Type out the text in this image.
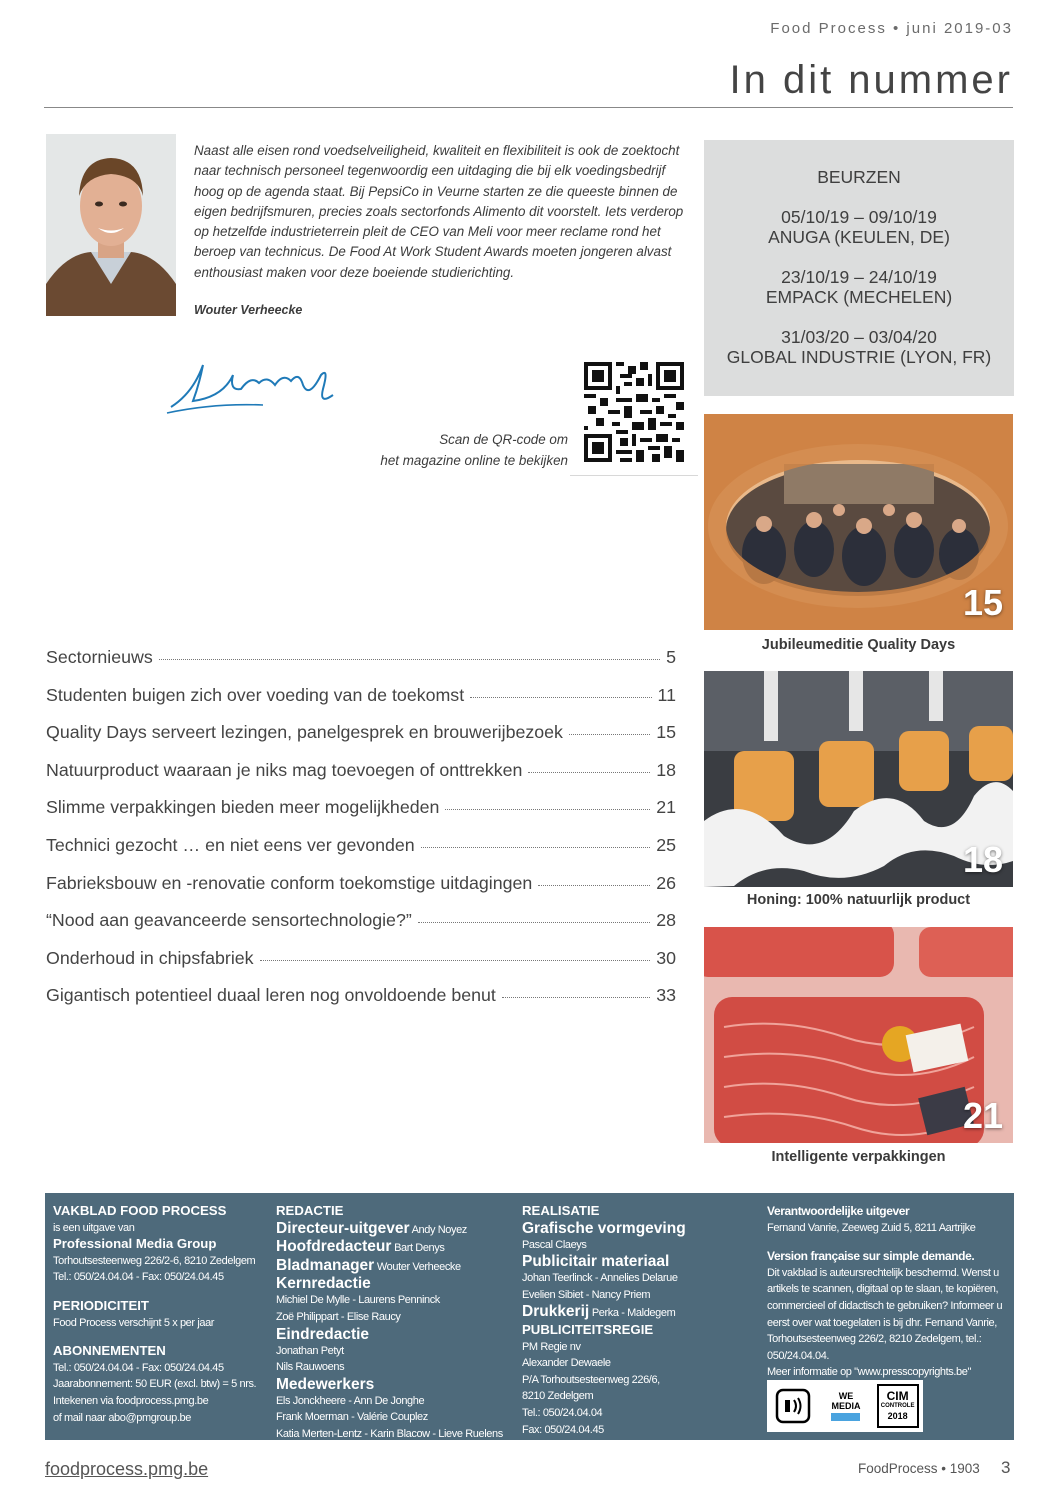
Food Process • juni 2019-03
In dit nummer
Naast alle eisen rond voedselveiligheid, kwaliteit en flexibiliteit is ook de zoektocht naar technisch personeel tegenwoordig een uitdaging die bij elk voedingsbedrijf hoog op de agenda staat. Bij PepsiCo in Veurne starten ze die queeste binnen de eigen bedrijfsmuren, precies zoals sectorfonds Alimento dit voorstelt. Iets verderop op hetzelfde industrieterrein pleit de CEO van Meli voor meer reclame rond het beroep van technicus. De Food At Work Student Awards moeten jongeren alvast enthousiast maken voor deze boeiende studierichting.
Wouter Verheecke
Scan de QR-code om
het magazine online te bekijken
BEURZEN
05/10/19 – 09/10/19
ANUGA (KEULEN, DE)
23/10/19 – 24/10/19
EMPACK (MECHELEN)
31/03/20 – 03/04/20
GLOBAL INDUSTRIE (LYON, FR)
15
Jubileumeditie Quality Days
18
Honing: 100% natuurlijk product
21
Intelligente verpakkingen
Sectornieuws	5
Studenten buigen zich over voeding van de toekomst	11
Quality Days serveert lezingen, panelgesprek en brouwerijbezoek	15
Natuurproduct waaraan je niks mag toevoegen of onttrekken	18
Slimme verpakkingen bieden meer mogelijkheden	21
Technici gezocht … en niet eens ver gevonden	25
Fabrieksbouw en -renovatie conform toekomstige uitdagingen	26
“Nood aan geavanceerde sensortechnologie?”	28
Onderhoud in chipsfabriek	30
Gigantisch potentieel duaal leren nog onvoldoende benut	33
VAKBLAD FOOD PROCESS
is een uitgave van
Professional Media Group
Torhoutsesteenweg 226/2-6, 8210 Zedelgem
Tel.: 050/24.04.04 - Fax: 050/24.04.45
PERIODICITEIT
Food Process verschijnt 5 x per jaar
ABONNEMENTEN
Tel.: 050/24.04.04 - Fax: 050/24.04.45
Jaarabonnement: 50 EUR (excl. btw) = 5 nrs.
Intekenen via foodprocess.pmg.be
of mail naar abo@pmgroup.be
REDACTIE
Directeur-uitgever Andy Noyez
Hoofdredacteur Bart Denys
Bladmanager Wouter Verheecke
Kernredactie
Michiel De Mylle - Laurens Penninck
Zoë Philippart - Elise Raucy
Eindredactie
Jonathan Petyt
Nils Rauwoens
Medewerkers
Els Jonckheere - Ann De Jonghe
Frank Moerman - Valérie Couplez
Katia Merten-Lentz - Karin Blacow - Lieve Ruelens
REALISATIE
Grafische vormgeving
Pascal Claeys
Publicitair materiaal
Johan Teerlinck - Annelies Delarue
Evelien Sibiet - Nancy Priem
Drukkerij Perka - Maldegem
PUBLICITEITSREGIE
PM Regie nv
Alexander Dewaele
P/A Torhoutsesteenweg 226/6,
8210 Zedelgem
Tel.: 050/24.04.04
Fax: 050/24.04.45
Verantwoordelijke uitgever
Fernand Vanrie, Zeeweg Zuid 5, 8211 Aartrijke
Version française sur simple demande.
Dit vakblad is auteursrechtelijk beschermd. Wenst u artikels te scannen, digitaal op te slaan, te kopiëren, commercieel of didactisch te gebruiken? Informeer u eerst over wat toegelaten is bij dhr. Fernand Vanrie, Torhoutsesteenweg 226/2, 8210 Zedelgem, tel.: 050/24.04.04.
Meer informatie op "www.presscopyrights.be"
WE
MEDIA
CIM
CONTROLE
2018
foodprocess.pmg.be	FoodProcess • 1903 3
